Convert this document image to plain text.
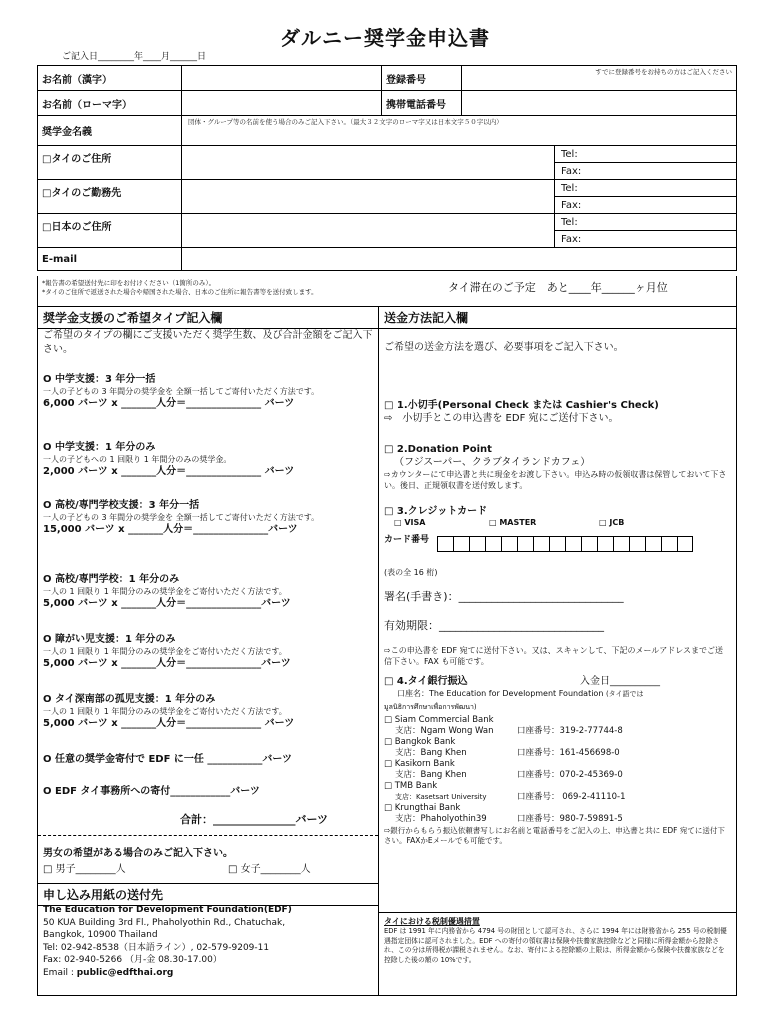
ダルニー奨学金申込書
ご記入日________年____月______日
お名前（漢字）	登録番号
すでに登録番号をお持ちの方はご記入ください
お名前（ローマ字）	携帯電話番号
奨学金名義
団体・グループ等の名前を使う場合のみご記入下さい。（最大３２文字のローマ字又は日本文字５０字以内）
□タイのご住所	Tel:
Fax:
□タイのご勤務先	Tel:
Fax:
□日本のご住所	Tel:
Fax:
E-mail
*報告書の希望送付先に印をお付けください（1箇所のみ）。
*タイのご住所で返送された場合や帰国された場合、日本のご住所に報告書等を送付致します。	タイ滞在のご予定　あと____年______ヶ月位
奨学金支援のご希望タイプ記入欄
ご希望のタイプの欄にご支援いただく奨学生数、及び合計金額をご記入下さい。
O 中学支援：3 年分一括
一人の子どもの 3 年間分の奨学金を 全額一括してご寄付いただく方法です。
6,000 バーツ x _______人分＝_______________ バーツ
O 中学支援：1 年分のみ
一人の子どもへの 1 回限り 1 年間分のみの奨学金。
2,000 バーツ x _______人分＝_______________ バーツ
O 高校/専門学校支援：3 年分一括
一人の子どもの 3 年間分の奨学金を 全額一括してご寄付いただく方法です。
15,000 バーツ x _______人分＝_______________バーツ
O 高校/専門学校：1 年分のみ
一人の 1 回限り 1 年間分のみの奨学金をご寄付いただく方法です。
5,000 バーツ x _______人分＝_______________バーツ
O 障がい児支援：1 年分のみ
一人の 1 回限り 1 年間分のみの奨学金をご寄付いただく方法です。
5,000 バーツ x _______人分＝_______________バーツ
O タイ深南部の孤児支援：1 年分のみ
一人の 1 回限り 1 年間分のみの奨学金をご寄付いただく方法です。
5,000 バーツ x _______人分＝_______________ バーツ
O 任意の奨学金寄付で EDF に一任 ___________バーツ
O EDF タイ事務所への寄付____________バーツ
合計：_______________バーツ
男女の希望がある場合のみご記入下さい。
□ 男子________人	□ 女子________人
申し込み用紙の送付先
The Education for Development Foundation(EDF)
50 KUA Building 3rd Fl., Phaholyothin Rd., Chatuchak,
Bangkok, 10900 Thailand
Tel: 02-942-8538（日本語ライン）, 02-579-9209-11
Fax: 02-940-5266 （月-金 08.30-17.00）
Email : public@edfthai.org
送金方法記入欄
ご希望の送金方法を選び、必要事項をご記入下さい。
□ 1.小切手(Personal Check または Cashier's Check)
⇨　小切手とこの申込書を EDF 宛にご送付下さい。
□ 2.Donation Point
（フジスーパー、クラブタイランドカフェ）
⇨カウンターにて申込書と共に現金をお渡し下さい。申込み時の仮領収書は保管しておいて下さい。後日、正規領収書を送付致します。
□ 3.クレジットカード
□ VISA	□ MASTER	□ JCB
カード番号
(表の全 16 桁)
署名(手書き)：______________________________
有効期限：______________________________
⇨この申込書を EDF 宛てに送付下さい。又は、スキャンして、下記のメールアドレスまでご送信下さい。FAX も可能です。
□ 4.タイ銀行振込	入金日__________
口座名：The Education for Development Foundation (タイ語では
มูลนิธิการศึกษาเพื่อการพัฒนา)
□ Siam Commercial Bank
支店：Ngam Wong Wan	口座番号：319-2-77744-8
□ Bangkok Bank
支店：Bang Khen	口座番号：161-456698-0
□ Kasikorn Bank
支店：Bang Khen	口座番号：070-2-45369-0
□ TMB Bank
支店：Kasetsart University	口座番号： 069-2-41110-1
□ Krungthai Bank
支店：Phaholyothin39	口座番号：980-7-59891-5
⇨銀行からもらう振込依頼書写しにお名前と電話番号をご記入の上、申込書と共に EDF 宛てに送付下さい。FAXかEメールでも可能です。
タイにおける税制優遇措置
EDF は 1991 年に内務省から 4794 号の財団として認可され、さらに 1994 年には財務省から 255 号の税制優遇指定団体に認可されました。EDF への寄付の領収書は保険や扶養家族控除などと同様に所得金額から控除され、この分は所得税が課税されません。なお、寄付による控除額の上限は、所得金額から保険や扶養家族などを控除した後の額の 10%です。
